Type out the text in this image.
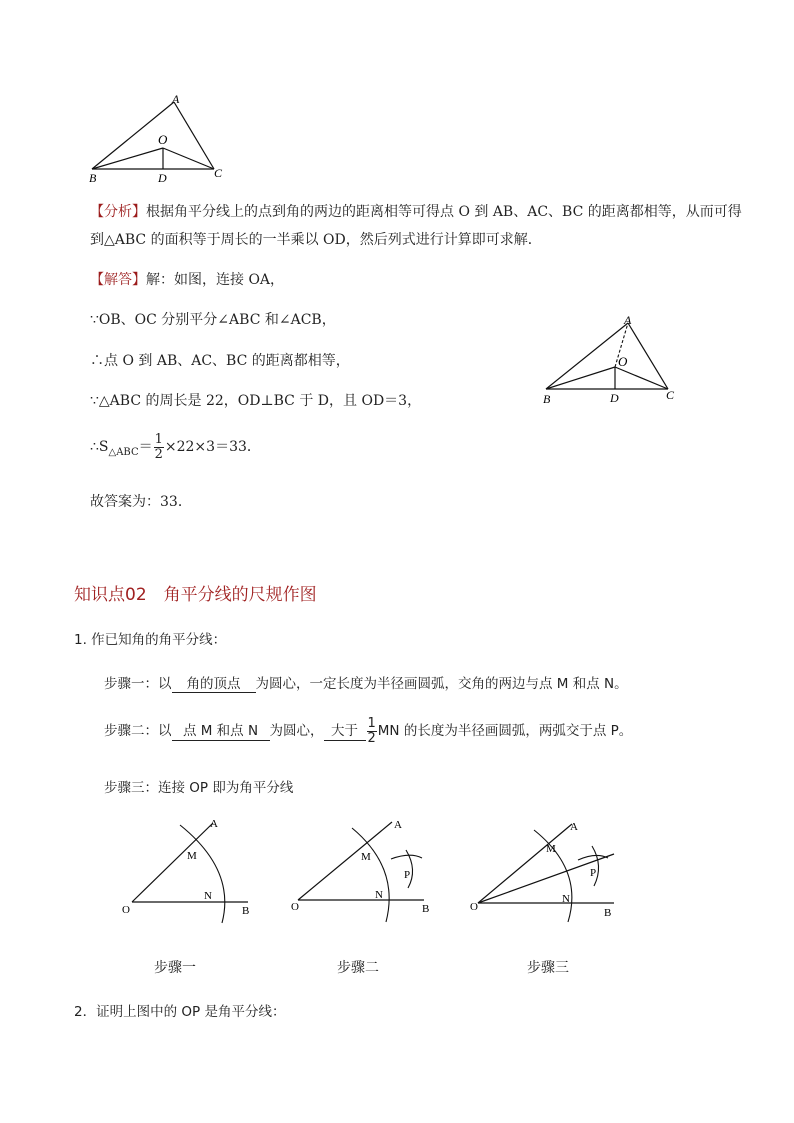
A
O
B	D	C
【分析】根据角平分线上的点到角的两边的距离相等可得点 O 到 AB、AC、BC 的距离都相等，从而可得
到△ABC 的面积等于周长的一半乘以 OD，然后列式进行计算即可求解．
【解答】解：如图，连接 OA，
∵OB、OC 分别平分∠ABC 和∠ACB，
∴点 O 到 AB、AC、BC 的距离都相等，
∵△ABC 的周长是 22，OD⊥BC 于 D，且 OD＝3，
$\therefore S_{\triangle ABC}= \frac{1}{2} \times 22\times 3=33$．
故答案为：33．
A
O
B	D	C
知识点02　角平分线的尺规作图
1. 作已知角的角平分线：
步骤一：以 角的顶点 为圆心，一定长度为半径画圆弧，交角的两边与点 M 和点 N。
步骤二：以 点 M 和点 N 为圆心， 大于 $\frac{1}{2}$ MN 的长度为半径画圆弧，两弧交于点 P。
步骤三：连接 OP 即为角平分线
A
M
N
O	B
A
M
P
N
O	B
A
M
P
N
O	B
步骤一	步骤二	步骤三
2．证明上图中的 OP 是角平分线：
